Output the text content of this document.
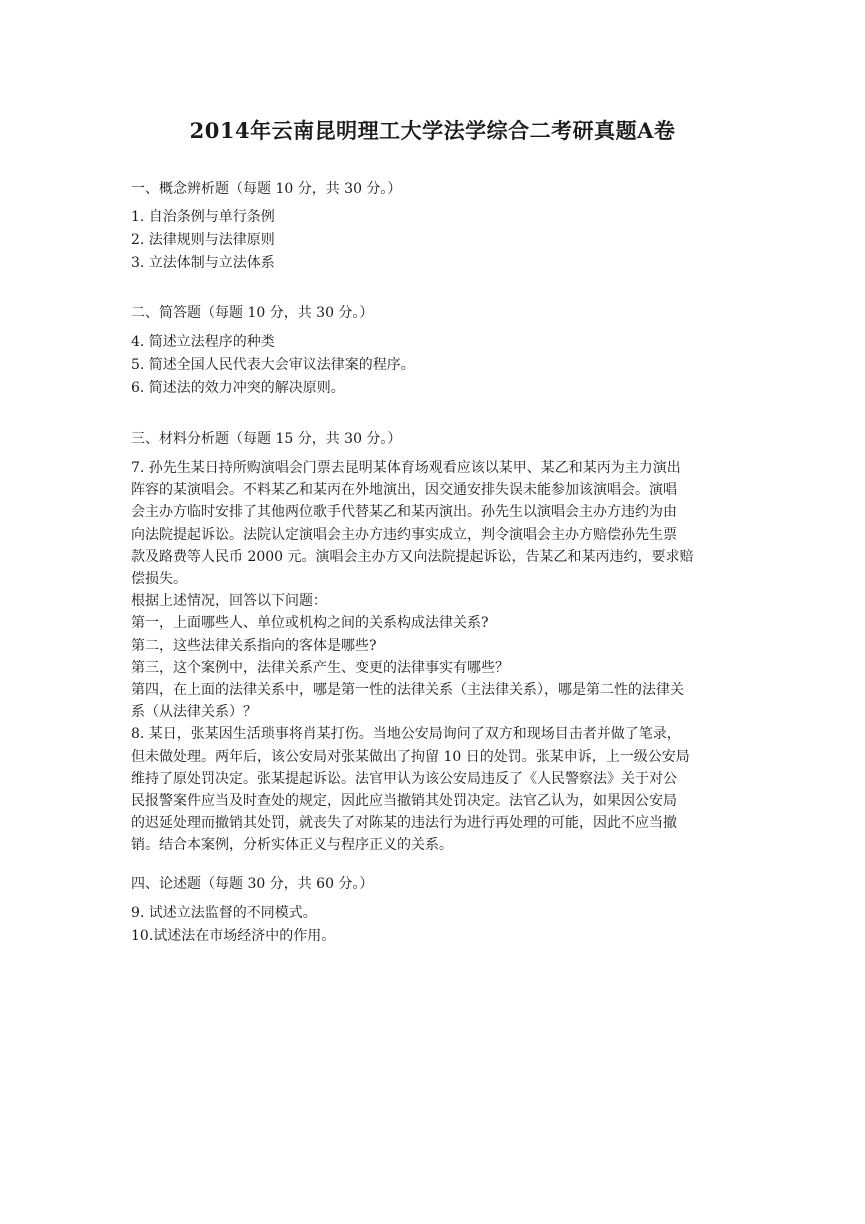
2014年云南昆明理工大学法学综合二考研真题A卷
一、概念辨析题（每题 10 分，共 30 分。）
1. 自治条例与单行条例
2. 法律规则与法律原则
3. 立法体制与立法体系
二、简答题（每题 10 分，共 30 分。）
4. 简述立法程序的种类
5. 简述全国人民代表大会审议法律案的程序。
6. 简述法的效力冲突的解决原则。
三、材料分析题（每题 15 分，共 30 分。）

7. 孙先生某日持所购演唱会门票去昆明某体育场观看应该以某甲、某乙和某丙为主力演出

阵容的某演唱会。不料某乙和某丙在外地演出，因交通安排失误未能参加该演唱会。演唱

会主办方临时安排了其他两位歌手代替某乙和某丙演出。孙先生以演唱会主办方违约为由

向法院提起诉讼。法院认定演唱会主办方违约事实成立，判令演唱会主办方赔偿孙先生票

款及路费等人民币 2000 元。演唱会主办方又向法院提起诉讼，告某乙和某丙违约，要求赔

偿损失。

根据上述情况，回答以下问题：

第一，上面哪些人、单位或机构之间的关系构成法律关系?

第二，这些法律关系指向的客体是哪些?

第三，这个案例中，法律关系产生、变更的法律事实有哪些？

第四，在上面的法律关系中，哪是第一性的法律关系（主法律关系），哪是第二性的法律关

系（从法律关系）？

8. 某日，张某因生活琐事将肖某打伤。当地公安局询问了双方和现场目击者并做了笔录，

但未做处理。两年后，该公安局对张某做出了拘留 10 日的处罚。张某申诉，上一级公安局

维持了原处罚决定。张某提起诉讼。法官甲认为该公安局违反了《人民警察法》关于对公

民报警案件应当及时查处的规定，因此应当撤销其处罚决定。法官乙认为，如果因公安局

的迟延处理而撤销其处罚，就丧失了对陈某的违法行为进行再处理的可能，因此不应当撤

销。结合本案例，分析实体正义与程序正义的关系。

四、论述题（每题 30 分，共 60 分。）
9. 试述立法监督的不同模式。
10.试述法在市场经济中的作用。
